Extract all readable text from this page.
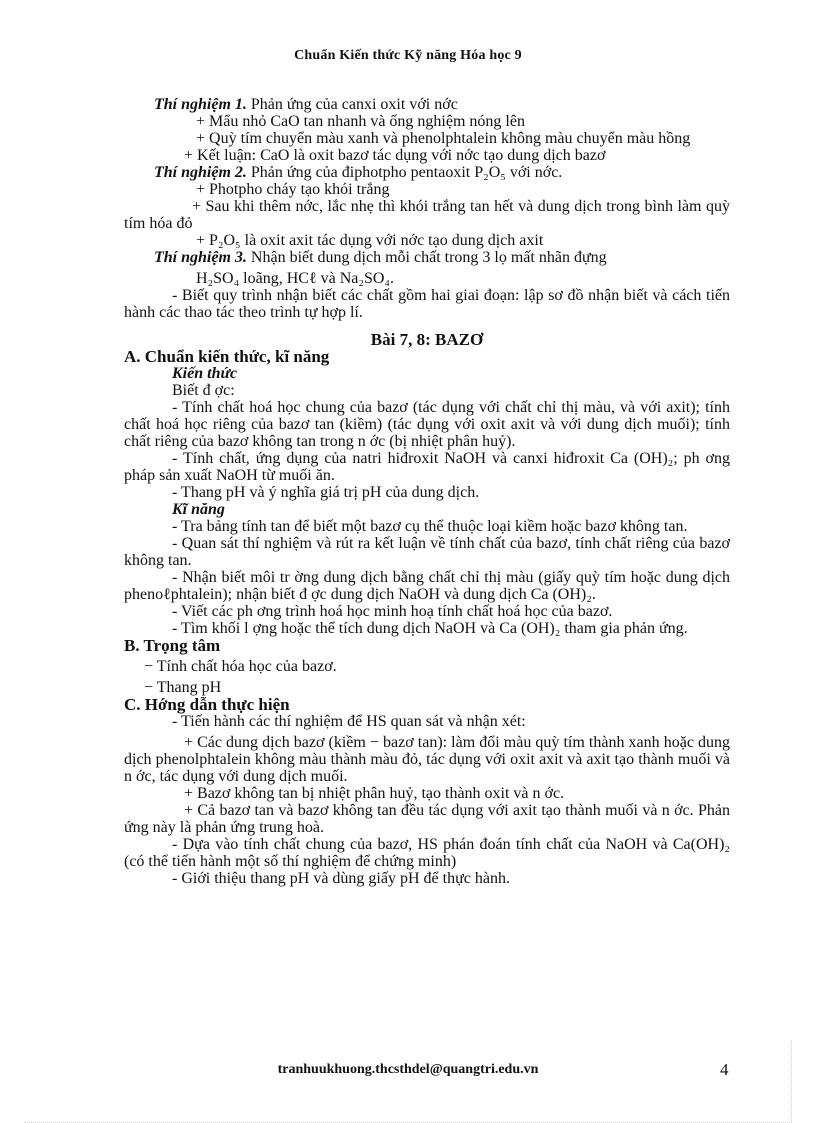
Chuẩn Kiến thức Kỹ năng Hóa học 9

Thí nghiệm 1. Phản ứng của canxi oxit với nớc

+ Mẩu nhỏ CaO tan nhanh và ống nghiệm nóng lên

+ Quỳ tím chuyển màu xanh và phenolphtalein không màu chuyển màu hồng

+ Kết luận: CaO là oxit bazơ tác dụng với nớc tạo dung dịch bazơ

Thí nghiệm 2. Phản ứng của điphotpho pentaoxit P₂O₅ với nớc.

+ Photpho cháy tạo khói trắng

+ Sau khi thêm nớc, lắc nhẹ thì khói trắng tan hết và dung dịch trong bình làm quỳ tím hóa đỏ

+ P₂O₅ là oxit axit tác dụng với nớc tạo dung dịch axit

Thí nghiệm 3. Nhận biết dung dịch mỗi chất trong 3 lọ mất nhãn đựng

H₂SO₄ loãng, HCℓ và Na₂SO₄.

- Biết quy trình nhận biết các chất gồm hai giai đoạn: lập sơ đồ nhận biết và cách tiến hành các thao tác theo trình tự hợp lí.

Bài 7, 8: BAZƠ

A. Chuẩn kiến thức, kĩ năng

Kiến thức

Biết đ ợc:

- Tính chất hoá học chung của bazơ (tác dụng với chất chỉ thị màu, và với axit); tính chất hoá học riêng của bazơ tan (kiềm) (tác dụng với oxit axit và với dung dịch muối); tính chất riêng của bazơ không tan trong n ớc (bị nhiệt phân huỷ).

- Tính chất, ứng dụng của natri hiđroxit NaOH và canxi hiđroxit Ca (OH)₂; ph ơng pháp sản xuất NaOH từ muối ăn.

- Thang pH và ý nghĩa giá trị pH của dung dịch.

Kĩ năng

- Tra bảng tính tan để biết một bazơ cụ thể thuộc loại kiềm hoặc bazơ không tan.

- Quan sát thí nghiệm và rút ra kết luận về tính chất của bazơ, tính chất riêng của bazơ không tan.

- Nhận biết môi tr ờng dung dịch bằng chất chỉ thị màu (giấy quỳ tím hoặc dung dịch phenoℓphtalein); nhận biết đ ợc dung dịch NaOH và dung dịch Ca (OH)₂.

- Viết các ph ơng trình hoá học minh hoạ tính chất hoá học của bazơ.

- Tìm khối l ợng hoặc thể tích dung dịch NaOH và Ca (OH)₂ tham gia phản ứng.

B. Trọng tâm

− Tính chất hóa học của bazơ.

− Thang pH

C. Hớng dẫn thực hiện

- Tiến hành các thí nghiệm để HS quan sát và nhận xét:

+ Các dung dịch bazơ (kiềm − bazơ tan): làm đổi màu quỳ tím thành xanh hoặc dung dịch phenolphtalein không màu thành màu đỏ, tác dụng với oxit axit và axit tạo thành muối và n ớc, tác dụng với dung dịch muối.

+ Bazơ không tan bị nhiệt phân huỷ, tạo thành oxit và n ớc.

+ Cả bazơ tan và bazơ không tan đều tác dụng với axit tạo thành muối và n ớc. Phản ứng này là phản ứng trung hoà.

- Dựa vào tính chất chung của bazơ, HS phán đoán tính chất của NaOH và Ca(OH)₂ (có thể tiến hành một số thí nghiệm để chứng minh)

- Giới thiệu thang pH và dùng giấy pH để thực hành.

tranhuukhuong.thcsthdel@quangtri.edu.vn	4
